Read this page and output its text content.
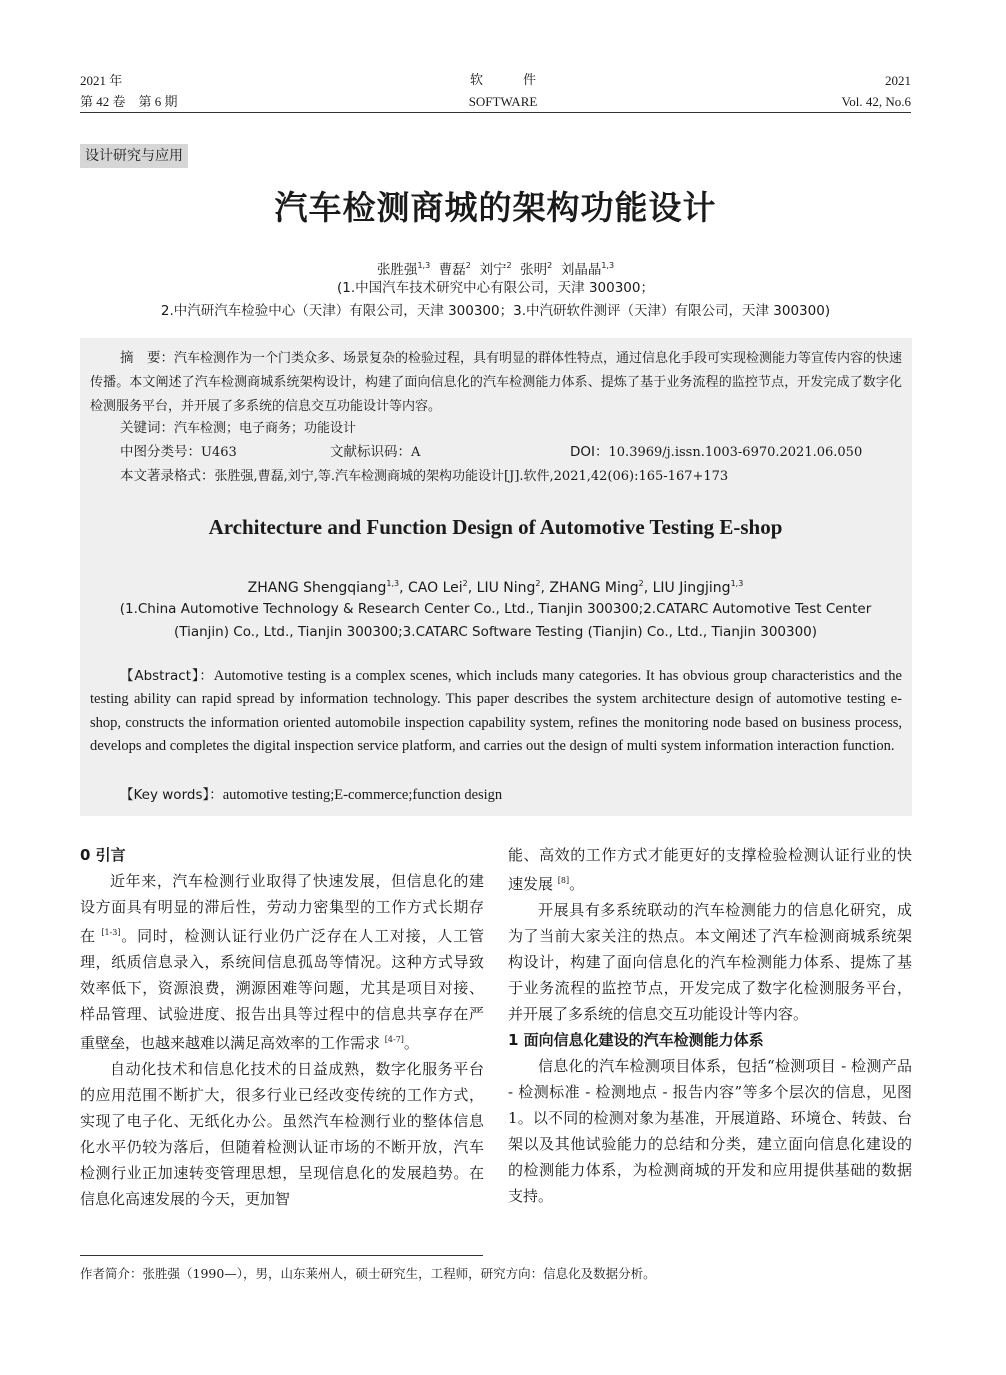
2021 年
第 42 卷　第 6 期
软件
SOFTWARE
2021
Vol. 42, No.6
设计研究与应用
汽车检测商城的架构功能设计
张胜强$^{1,3}$ 曹磊$^2$ 刘宁$^2$ 张明$^2$ 刘晶晶$^{1,3}$
(1.中国汽车技术研究中心有限公司，天津 300300；
2.中汽研汽车检验中心（天津）有限公司，天津 300300；3.中汽研软件测评（天津）有限公司，天津 300300)
摘　要：汽车检测作为一个门类众多、场景复杂的检验过程，具有明显的群体性特点，通过信息化手段可实现检测能力等宣传内容的快速传播。本文阐述了汽车检测商城系统架构设计，构建了面向信息化的汽车检测能力体系、提炼了基于业务流程的监控节点，开发完成了数字化检测服务平台，并开展了多系统的信息交互功能设计等内容。
关键词：汽车检测；电子商务；功能设计
中图分类号：U463	文献标识码：A	DOI：10.3969/j.issn.1003-6970.2021.06.050
本文著录格式：张胜强,曹磊,刘宁,等.汽车检测商城的架构功能设计[J].软件,2021,42(06):165-167+173
Architecture and Function Design of Automotive Testing E-shop
ZHANG Shengqiang$^{1,3}$, CAO Lei$^2$, LIU Ning$^2$, ZHANG Ming$^2$, LIU Jingjing$^{1,3}$
(1.China Automotive Technology & Research Center Co., Ltd., Tianjin 300300;2.CATARC Automotive Test Center
(Tianjin) Co., Ltd., Tianjin 300300;3.CATARC Software Testing (Tianjin) Co., Ltd., Tianjin 300300)
【Abstract】：Automotive testing is a complex scenes, which includs many categories. It has obvious group characteristics and the testing ability can rapid spread by information technology. This paper describes the system architecture design of automotive testing e-shop, constructs the information oriented automobile inspection capability system, refines the monitoring node based on business process, develops and completes the digital inspection service platform, and carries out the design of multi system information interaction function.
【Key words】：automotive testing;E-commerce;function design
0 引言

近年来，汽车检测行业取得了快速发展，但信息化的建设方面具有明显的滞后性，劳动力密集型的工作方式长期存在 [1-3]。同时，检测认证行业仍广泛存在人工对接，人工管理，纸质信息录入，系统间信息孤岛等情况。这种方式导致效率低下，资源浪费，溯源困难等问题，尤其是项目对接、样品管理、试验进度、报告出具等过程中的信息共享存在严重壁垒，也越来越难以满足高效率的工作需求 [4-7]。

自动化技术和信息化技术的日益成熟，数字化服务平台的应用范围不断扩大，很多行业已经改变传统的工作方式，实现了电子化、无纸化办公。虽然汽车检测行业的整体信息化水平仍较为落后，但随着检测认证市场的不断开放，汽车检测行业正加速转变管理思想，呈现信息化的发展趋势。在信息化高速发展的今天，更加智

能、高效的工作方式才能更好的支撑检验检测认证行业的快速发展 [8]。

开展具有多系统联动的汽车检测能力的信息化研究，成为了当前大家关注的热点。本文阐述了汽车检测商城系统架构设计，构建了面向信息化的汽车检测能力体系、提炼了基于业务流程的监控节点，开发完成了数字化检测服务平台，并开展了多系统的信息交互功能设计等内容。

1 面向信息化建设的汽车检测能力体系

信息化的汽车检测项目体系，包括“检测项目 - 检测产品 - 检测标准 - 检测地点 - 报告内容”等多个层次的信息，见图 1。以不同的检测对象为基准，开展道路、环境仓、转鼓、台架以及其他试验能力的总结和分类，建立面向信息化建设的的检测能力体系，为检测商城的开发和应用提供基础的数据支持。

作者简介：张胜强（1990—），男，山东莱州人，硕士研究生，工程师，研究方向：信息化及数据分析。
